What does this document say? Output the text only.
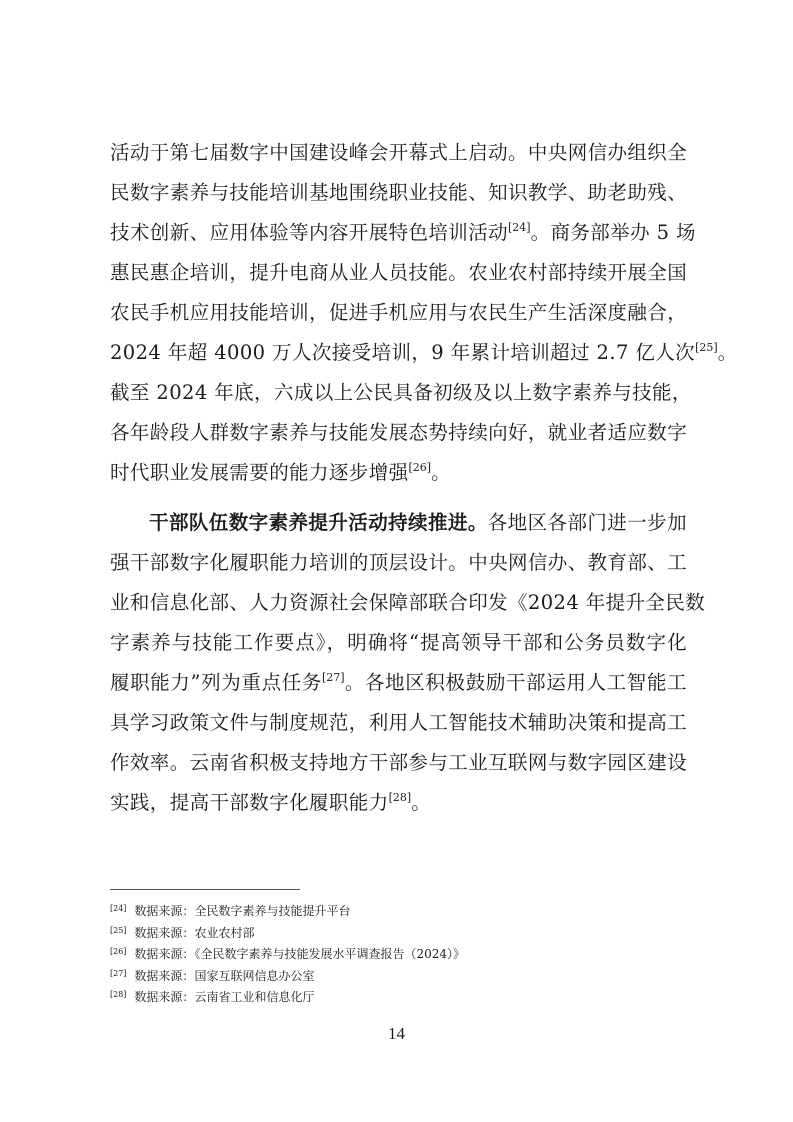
活动于第七届数字中国建设峰会开幕式上启动。中央网信办组织全
民数字素养与技能培训基地围绕职业技能、知识教学、助老助残、
技术创新、应用体验等内容开展特色培训活动[24]。商务部举办 5 场
惠民惠企培训，提升电商从业人员技能。农业农村部持续开展全国
农民手机应用技能培训，促进手机应用与农民生产生活深度融合，
2024 年超 4000 万人次接受培训，9 年累计培训超过 2.7 亿人次[25]。
截至 2024 年底，六成以上公民具备初级及以上数字素养与技能，
各年龄段人群数字素养与技能发展态势持续向好，就业者适应数字
时代职业发展需要的能力逐步增强[26]。
干部队伍数字素养提升活动持续推进。各地区各部门进一步加
强干部数字化履职能力培训的顶层设计。中央网信办、教育部、工
业和信息化部、人力资源社会保障部联合印发《2024 年提升全民数
字素养与技能工作要点》，明确将“提高领导干部和公务员数字化
履职能力”列为重点任务[27]。各地区积极鼓励干部运用人工智能工
具学习政策文件与制度规范，利用人工智能技术辅助决策和提高工
作效率。云南省积极支持地方干部参与工业互联网与数字园区建设
实践，提高干部数字化履职能力[28]。
[24] 数据来源：全民数字素养与技能提升平台
[25] 数据来源：农业农村部
[26] 数据来源：《全民数字素养与技能发展水平调查报告（2024）》
[27] 数据来源：国家互联网信息办公室
[28] 数据来源：云南省工业和信息化厅
14
